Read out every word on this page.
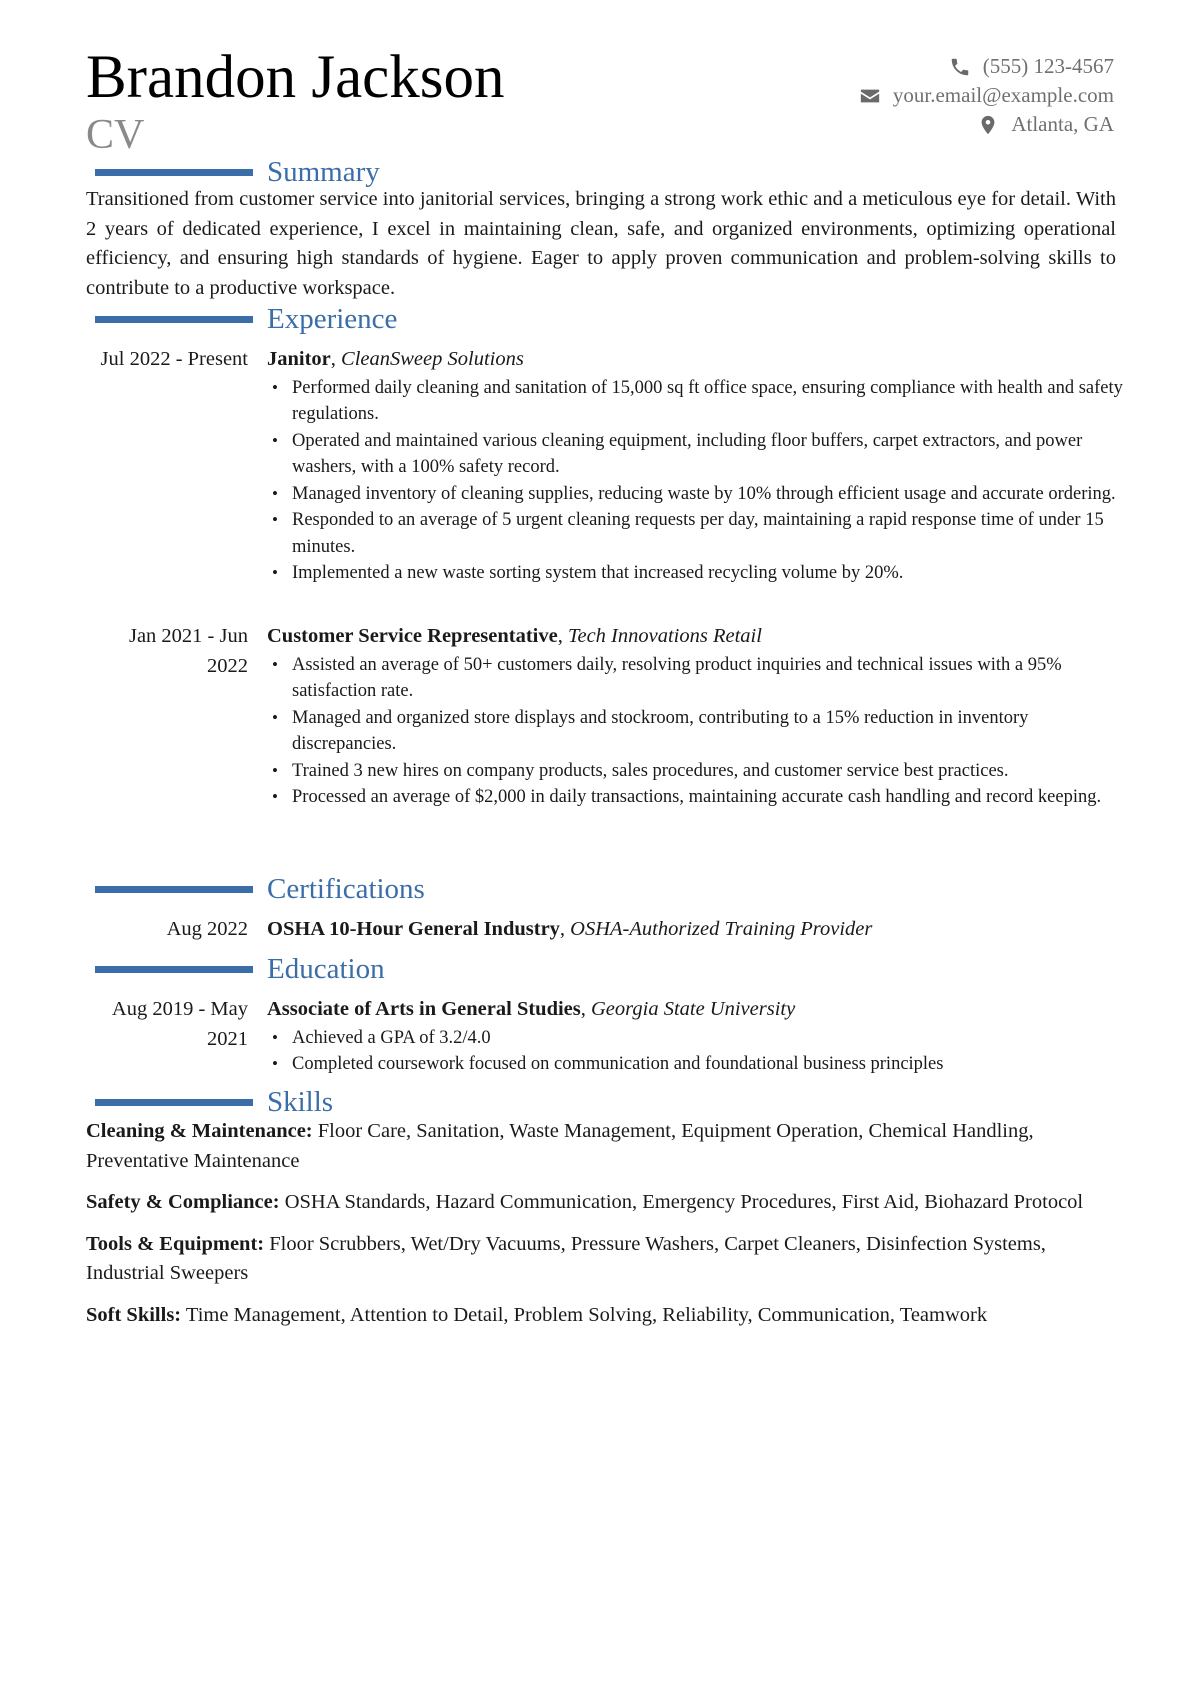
Brandon Jackson
CV
(555) 123-4567
your.email@example.com
Atlanta, GA
Summary
Transitioned from customer service into janitorial services, bringing a strong work ethic and a meticulous eye for detail. With 2 years of dedicated experience, I excel in maintaining clean, safe, and organized environments, optimizing operational efficiency, and ensuring high standards of hygiene. Eager to apply proven communication and problem-solving skills to contribute to a productive workspace.
Experience
Jul 2022 - Present Janitor, CleanSweep Solutions
• Performed daily cleaning and sanitation of 15,000 sq ft office space, ensuring compliance with health and safety regulations.
• Operated and maintained various cleaning equipment, including floor buffers, carpet extractors, and power washers, with a 100% safety record.
• Managed inventory of cleaning supplies, reducing waste by 10% through efficient usage and accurate ordering.
• Responded to an average of 5 urgent cleaning requests per day, maintaining a rapid response time of under 15 minutes.
• Implemented a new waste sorting system that increased recycling volume by 20%.
Jan 2021 - Jun 2022
Customer Service Representative, Tech Innovations Retail
• Assisted an average of 50+ customers daily, resolving product inquiries and technical issues with a 95% satisfaction rate.
• Managed and organized store displays and stockroom, contributing to a 15% reduction in inventory discrepancies.
• Trained 3 new hires on company products, sales procedures, and customer service best practices.
• Processed an average of $2,000 in daily transactions, maintaining accurate cash handling and record keeping.
Certifications
Aug 2022 OSHA 10-Hour General Industry, OSHA-Authorized Training Provider
Education
Aug 2019 - May 2021
Associate of Arts in General Studies, Georgia State University
• Achieved a GPA of 3.2/4.0
• Completed coursework focused on communication and foundational business principles
Skills
Cleaning & Maintenance: Floor Care, Sanitation, Waste Management, Equipment Operation, Chemical Handling, Preventative Maintenance
Safety & Compliance: OSHA Standards, Hazard Communication, Emergency Procedures, First Aid, Biohazard Protocol
Tools & Equipment: Floor Scrubbers, Wet/Dry Vacuums, Pressure Washers, Carpet Cleaners, Disinfection Systems, Industrial Sweepers
Soft Skills: Time Management, Attention to Detail, Problem Solving, Reliability, Communication, Teamwork
